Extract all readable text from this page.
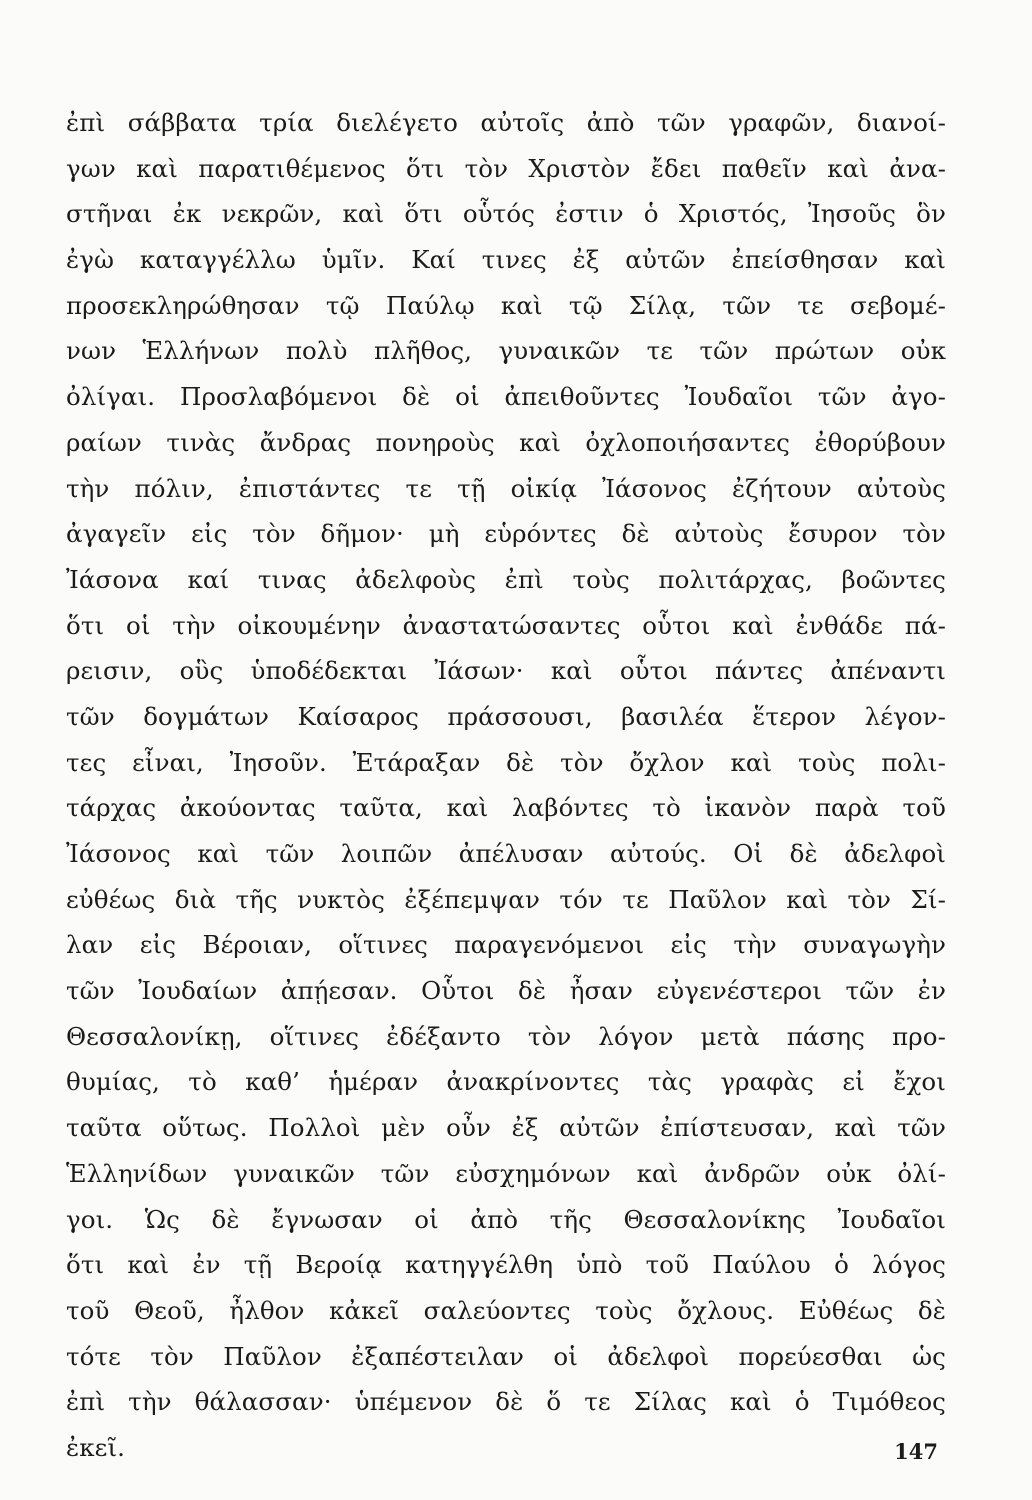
ἐπὶ σάββατα τρία διελέγετο αὐτοῖς ἀπὸ τῶν γραφῶν, διανοί-
γων καὶ παρατιθέμενος ὅτι τὸν Χριστὸν ἔδει παθεῖν καὶ ἀνα-
στῆναι ἐκ νεκρῶν, καὶ ὅτι οὗτός ἐστιν ὁ Χριστός, Ἰησοῦς ὃν
ἐγὼ καταγγέλλω ὑμῖν. Καί τινες ἐξ αὐτῶν ἐπείσθησαν καὶ
προσεκληρώθησαν τῷ Παύλῳ καὶ τῷ Σίλᾳ, τῶν τε σεβομέ-
νων Ἑλλήνων πολὺ πλῆθος, γυναικῶν τε τῶν πρώτων οὐκ
ὀλίγαι. Προσλαβόμενοι δὲ οἱ ἀπειθοῦντες Ἰουδαῖοι τῶν ἀγο-
ραίων τινὰς ἄνδρας πονηροὺς καὶ ὀχλοποιήσαντες ἐθορύβουν
τὴν πόλιν, ἐπιστάντες τε τῇ οἰκίᾳ Ἰάσονος ἐζήτουν αὐτοὺς
ἀγαγεῖν εἰς τὸν δῆμον· μὴ εὑρόντες δὲ αὐτοὺς ἔσυρον τὸν
Ἰάσονα καί τινας ἀδελφοὺς ἐπὶ τοὺς πολιτάρχας, βοῶντες
ὅτι οἱ τὴν οἰκουμένην ἀναστατώσαντες οὗτοι καὶ ἐνθάδε πά-
ρεισιν, οὓς ὑποδέδεκται Ἰάσων· καὶ οὗτοι πάντες ἀπέναντι
τῶν δογμάτων Καίσαρος πράσσουσι, βασιλέα ἕτερον λέγον-
τες εἶναι, Ἰησοῦν. Ἐτάραξαν δὲ τὸν ὄχλον καὶ τοὺς πολι-
τάρχας ἀκούοντας ταῦτα, καὶ λαβόντες τὸ ἱκανὸν παρὰ τοῦ
Ἰάσονος καὶ τῶν λοιπῶν ἀπέλυσαν αὐτούς. Οἱ δὲ ἀδελφοὶ
εὐθέως διὰ τῆς νυκτὸς ἐξέπεμψαν τόν τε Παῦλον καὶ τὸν Σί-
λαν εἰς Βέροιαν, οἵτινες παραγενόμενοι εἰς τὴν συναγωγὴν
τῶν Ἰουδαίων ἀπῄεσαν. Οὗτοι δὲ ἦσαν εὐγενέστεροι τῶν ἐν
Θεσσαλονίκῃ, οἵτινες ἐδέξαντο τὸν λόγον μετὰ πάσης προ-
θυμίας, τὸ καθ’ ἡμέραν ἀνακρίνοντες τὰς γραφὰς εἰ ἔχοι
ταῦτα οὕτως. Πολλοὶ μὲν οὖν ἐξ αὐτῶν ἐπίστευσαν, καὶ τῶν
Ἑλληνίδων γυναικῶν τῶν εὐσχημόνων καὶ ἀνδρῶν οὐκ ὀλί-
γοι. Ὡς δὲ ἔγνωσαν οἱ ἀπὸ τῆς Θεσσαλονίκης Ἰουδαῖοι
ὅτι καὶ ἐν τῇ Βεροίᾳ κατηγγέλθη ὑπὸ τοῦ Παύλου ὁ λόγος
τοῦ Θεοῦ, ἦλθον κἀκεῖ σαλεύοντες τοὺς ὄχλους. Εὐθέως δὲ
τότε τὸν Παῦλον ἐξαπέστειλαν οἱ ἀδελφοὶ πορεύεσθαι ὡς
ἐπὶ τὴν θάλασσαν· ὑπέμενον δὲ ὅ τε Σίλας καὶ ὁ Τιμόθεος
ἐκεῖ.	147
